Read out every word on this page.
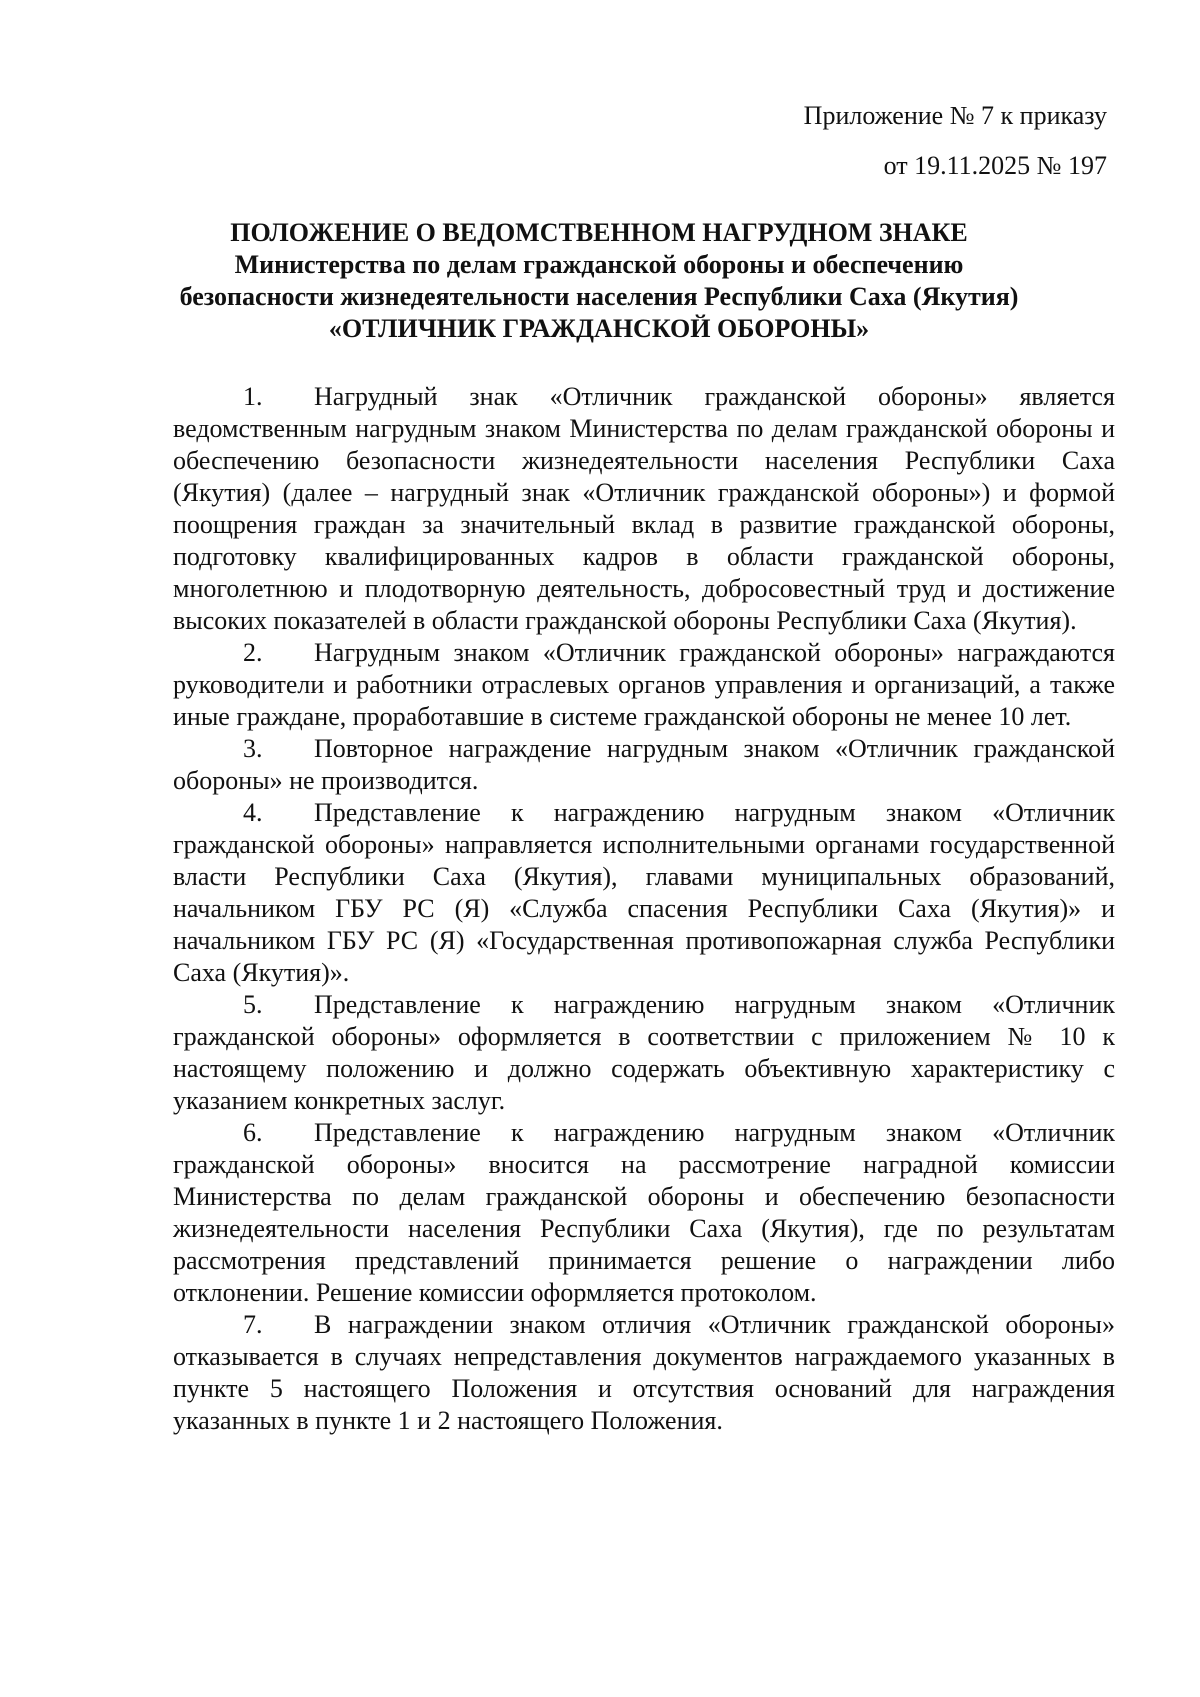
Приложение № 7 к приказу
от 19.11.2025 № 197
ПОЛОЖЕНИЕ О ВЕДОМСТВЕННОМ НАГРУДНОМ ЗНАКЕ
Министерства по делам гражданской обороны и обеспечению
безопасности жизнедеятельности населения Республики Саха (Якутия)
«ОТЛИЧНИК ГРАЖДАНСКОЙ ОБОРОНЫ»

1. Нагрудный знак «Отличник гражданской обороны» является ведомственным нагрудным знаком Министерства по делам гражданской обороны и обеспечению безопасности жизнедеятельности населения Республики Саха (Якутия) (далее – нагрудный знак «Отличник гражданской обороны») и формой поощрения граждан за значительный вклад в развитие гражданской обороны, подготовку квалифицированных кадров в области гражданской обороны, многолетнюю и плодотворную деятельность, добросовестный труд и достижение высоких показателей в области гражданской обороны Республики Саха (Якутия).

2. Нагрудным знаком «Отличник гражданской обороны» награждаются руководители и работники отраслевых органов управления и организаций, а также иные граждане, проработавшие в системе гражданской обороны не менее 10 лет.

3. Повторное награждение нагрудным знаком «Отличник гражданской обороны» не производится.

4. Представление к награждению нагрудным знаком «Отличник гражданской обороны» направляется исполнительными органами государственной власти Республики Саха (Якутия), главами муниципальных образований, начальником ГБУ РС (Я) «Служба спасения Республики Саха (Якутия)» и начальником ГБУ РС (Я) «Государственная противопожарная служба Республики Саха (Якутия)».

5. Представление к награждению нагрудным знаком «Отличник гражданской обороны» оформляется в соответствии с приложением № 10 к настоящему положению и должно содержать объективную характеристику с указанием конкретных заслуг.

6. Представление к награждению нагрудным знаком «Отличник гражданской обороны» вносится на рассмотрение наградной комиссии Министерства по делам гражданской обороны и обеспечению безопасности жизнедеятельности населения Республики Саха (Якутия), где по результатам рассмотрения представлений принимается решение о награждении либо отклонении. Решение комиссии оформляется протоколом.

7. В награждении знаком отличия «Отличник гражданской обороны» отказывается в случаях непредставления документов награждаемого указанных в пункте 5 настоящего Положения и отсутствия оснований для награждения указанных в пункте 1 и 2 настоящего Положения.
